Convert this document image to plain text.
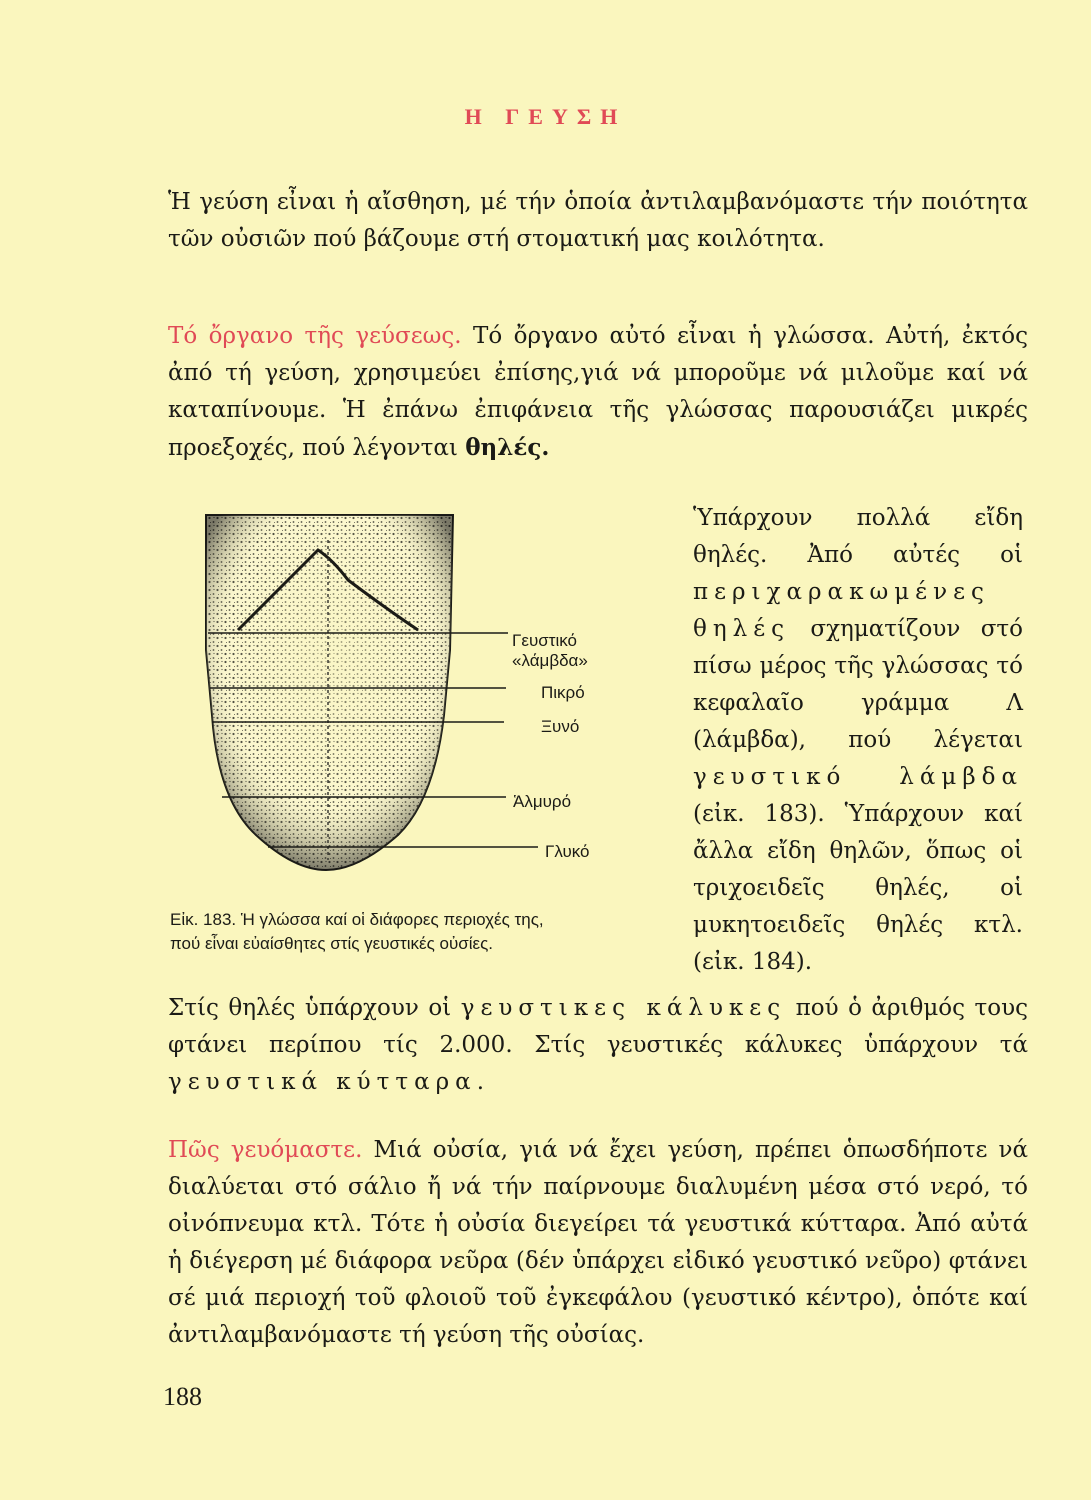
Η ΓΕΥΣΗ
Ἡ γεύση εἶναι ἡ αἴσθηση, μέ τήν ὁποία ἀντιλαμβανόμαστε τήν ποιότητα τῶν οὐσιῶν πού βάζουμε στή στοματική μας κοιλότητα.
Τό ὄργανο τῆς γεύσεως. Τό ὄργανο αὐτό εἶναι ἡ γλώσσα. Αὐτή, ἐκτός ἀπό τή γεύση, χρησιμεύει ἐπίσης,γιά νά μποροῦμε νά μιλοῦμε καί νά καταπίνουμε. Ἡ ἐπάνω ἐπιφάνεια τῆς γλώσσας παρουσιάζει μικρές προεξοχές, πού λέγονται θηλές.
Γευστικό
«λάμβδα»
Πικρό
Ξυνό
Ἁλμυρό
Γλυκό
Εἰκ. 183. Ἡ γλώσσα καί οἱ διάφορες περιοχές της,
πού εἶναι εὐαίσθητες στίς γευστικές οὐσίες.
Ὑπάρχουν πολλά εἴδη θηλές. Ἀπό αὐτές οἱ περιχαρακωμένες θηλές σχηματίζουν στό πίσω μέρος τῆς γλώσσας τό κεφαλαῖο γράμμα Λ (λάμβδα), πού λέγεται γευστικό λάμβδα (εἰκ. 183). Ὑπάρχουν καί ἄλλα εἴδη θηλῶν, ὅπως οἱ τριχοειδεῖς θηλές, οἱ μυκητοειδεῖς θηλές κτλ. (εἰκ. 184).
Στίς θηλές ὑπάρχουν οἱ γευστικες κάλυκες πού ὁ ἀριθμός τους φτάνει περίπου τίς 2.000. Στίς γευστικές κάλυκες ὑπάρχουν τά γευστικά κύτταρα.
Πῶς γευόμαστε. Μιά οὐσία, γιά νά ἔχει γεύση, πρέπει ὁπωσδήποτε νά διαλύεται στό σάλιο ἤ νά τήν παίρνουμε διαλυμένη μέσα στό νερό, τό οἰνόπνευμα κτλ. Τότε ἡ οὐσία διεγείρει τά γευστικά κύτταρα. Ἀπό αὐτά ἡ διέγερση μέ διάφορα νεῦρα (δέν ὑπάρχει εἰδικό γευστικό νεῦρο) φτάνει σέ μιά περιοχή τοῦ φλοιοῦ τοῦ ἐγκεφάλου (γευστικό κέντρο), ὁπότε καί ἀντιλαμβανόμαστε τή γεύση τῆς οὐσίας.
188
